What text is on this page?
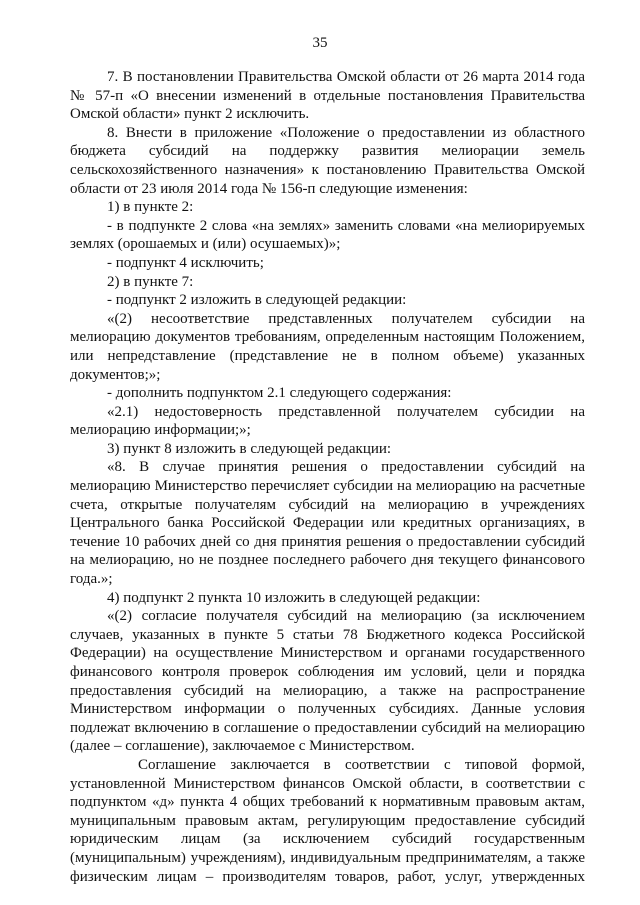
35
7. В постановлении Правительства Омской области от 26 марта 2014 года
№ 57-п «О внесении изменений в отдельные постановления Правительства
Омской области» пункт 2 исключить.
8. Внести в приложение «Положение о предоставлении из областного
бюджета субсидий на поддержку развития мелиорации земель
сельскохозяйственного назначения» к постановлению Правительства Омской
области от 23 июля 2014 года № 156-п следующие изменения:
1) в пункте 2:
- в подпункте 2 слова «на землях» заменить словами «на мелиорируемых
землях (орошаемых и (или) осушаемых)»;
- подпункт 4 исключить;
2) в пункте 7:
- подпункт 2 изложить в следующей редакции:
«(2) несоответствие представленных получателем субсидии на
мелиорацию документов требованиям, определенным настоящим Положением,
или непредставление (представление не в полном объеме) указанных
документов;»;
- дополнить подпунктом 2.1 следующего содержания:
«2.1) недостоверность представленной получателем субсидии на
мелиорацию информации;»;
3) пункт 8 изложить в следующей редакции:
«8. В случае принятия решения о предоставлении субсидий на
мелиорацию Министерство перечисляет субсидии на мелиорацию на расчетные
счета, открытые получателям субсидий на мелиорацию в учреждениях
Центрального банка Российской Федерации или кредитных организациях, в
течение 10 рабочих дней со дня принятия решения о предоставлении субсидий
на мелиорацию, но не позднее последнего рабочего дня текущего финансового
года.»;
4) подпункт 2 пункта 10 изложить в следующей редакции:
«(2) согласие получателя субсидий на мелиорацию (за исключением
случаев, указанных в пункте 5 статьи 78 Бюджетного кодекса Российской
Федерации) на осуществление Министерством и органами государственного
финансового контроля проверок соблюдения им условий, цели и порядка
предоставления субсидий на мелиорацию, а также на распространение
Министерством информации о полученных субсидиях. Данные условия
подлежат включению в соглашение о предоставлении субсидий на мелиорацию
(далее – соглашение), заключаемое с Министерством.
Соглашение заключается в соответствии с типовой формой,
установленной Министерством финансов Омской области, в соответствии с
подпунктом «д» пункта 4 общих требований к нормативным правовым актам,
муниципальным правовым актам, регулирующим предоставление субсидий
юридическим лицам (за исключением субсидий государственным
(муниципальным) учреждениям), индивидуальным предпринимателям, а также
физическим лицам – производителям товаров, работ, услуг, утвержденных
